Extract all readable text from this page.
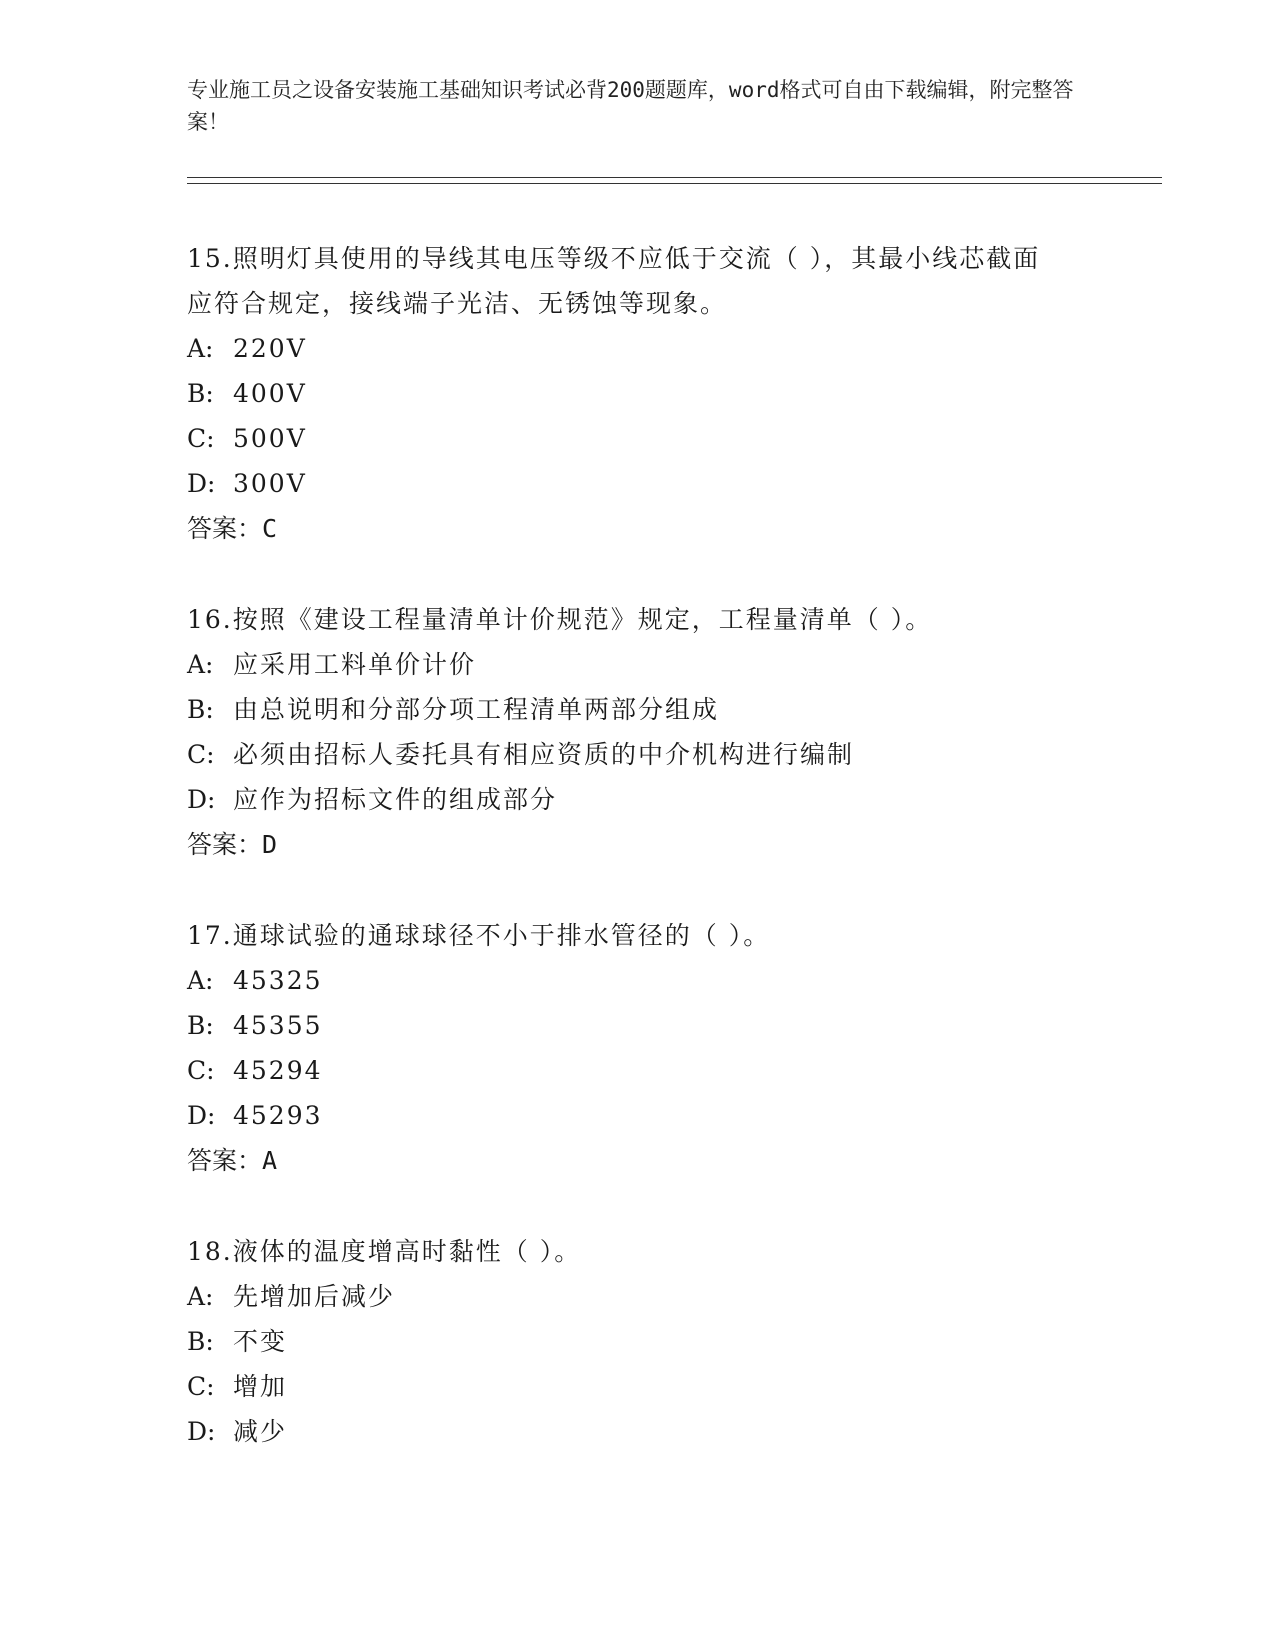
专业施工员之设备安装施工基础知识考试必背200题题库，word格式可自由下载编辑，附完整答案！
15.照明灯具使用的导线其电压等级不应低于交流（ ），其最小线芯截面应符合规定，接线端子光洁、无锈蚀等现象。
A: 220V
B: 400V
C: 500V
D: 300V
答案：C
16.按照《建设工程量清单计价规范》规定，工程量清单（ ）。
A: 应采用工料单价计价
B: 由总说明和分部分项工程清单两部分组成
C: 必须由招标人委托具有相应资质的中介机构进行编制
D: 应作为招标文件的组成部分
答案：D
17.通球试验的通球球径不小于排水管径的（ ）。
A: 45325
B: 45355
C: 45294
D: 45293
答案：A
18.液体的温度增高时黏性（ ）。
A: 先增加后减少
B: 不变
C: 增加
D: 减少
